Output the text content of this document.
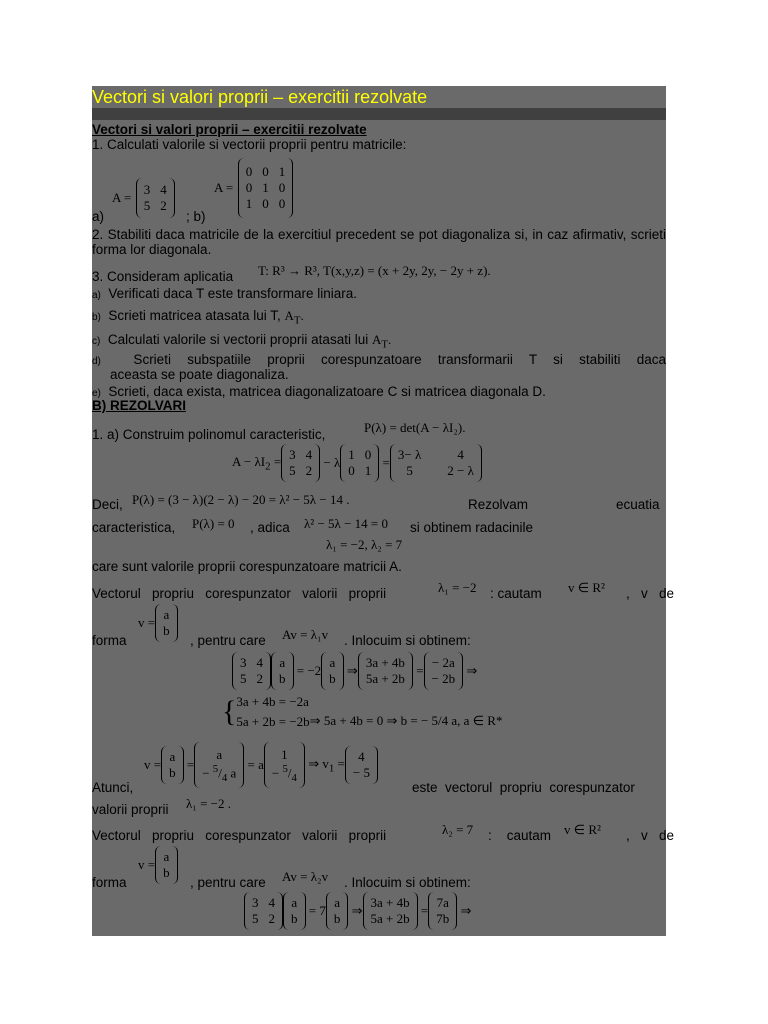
Vectori si valori proprii – exercitii rezolvate
Vectori si valori proprii – exercitii rezolvate
1. Calculati valorile si vectorii proprii pentru matricile:
a)
A =
3 4
5 2
; b)
A =
0 0 1
0 1 0
1 0 0
2. Stabiliti daca matricile de la exercitiul precedent se pot diagonaliza si, in caz afirmativ, scrieti forma lor diagonala.
3. Consideram aplicatia T: R³ → R³, T(x,y,z) = (x + 2y, 2y, − 2y + z).
a) Verificati daca T este transformare liniara.
b) Scrieti matricea atasata lui T, $A_T$.
c) Calculati valorile si vectorii proprii atasati lui $A_T$.
d)  Scrieti subspatiile proprii corespunzatoare transformarii T si stabiliti daca
aceasta se poate diagonaliza.
e) Scrieti, daca exista, matricea diagonalizatoare C si matricea diagonala D.
B) REZOLVARI
1. a) Construim polinomul caracteristic,	P(λ) = det(A − λI₂).
$A - \lambda I_2 = 3$ 4
5 2
− λ
1 0
0 1
=
3− λ	4
5	2 − λ
Deci, P(λ) = (3 − λ)(2 − λ) − 20 = λ² − 5λ − 14 .	Rezolvam	ecuatia
caracteristica, P(λ) = 0 , adica λ² − 5λ − 14 = 0 si obtinem radacinile
λ₁ = −2, λ₂ = 7
care sunt valorile proprii corespunzatoare matricii A.
Vectorul   propriu   corespunzator   valorii   proprii	λ₁ = −2 : cautam v ∈ R² ,   v   de
forma
v =
a
b
, pentru care Av = λ₁v . Inlocuim si obtinem:
3 4
5 2
a
b
= −2
a
b
⇒
3a + 4b
5a + 2b
=
− 2a
− 2b
⇒
{ 3a + 4b = −2a
5a + 2b = −2b ⇒ 5a + 4b = 0 ⇒ b = − 5/4 a, a ∈ R*
v =
a
b
=
a
− $^5/_4$ a
= a
1
− $^5/_4$
⇒ $v_1$ =	4
− 5
Atunci,	este  vectorul  propriu  corespunzator
valorii proprii λ₁ = −2 .
Vectorul   propriu   corespunzator   valorii   proprii	λ₂ = 7 :    cautam v ∈ R² ,   v   de
forma
v =
a
b
, pentru care Av = λ₂v . Inlocuim si obtinem:
3 4
5 2
a
b
= 7
a
b
⇒
3a + 4b
5a + 2b
=
7a
7b
⇒
